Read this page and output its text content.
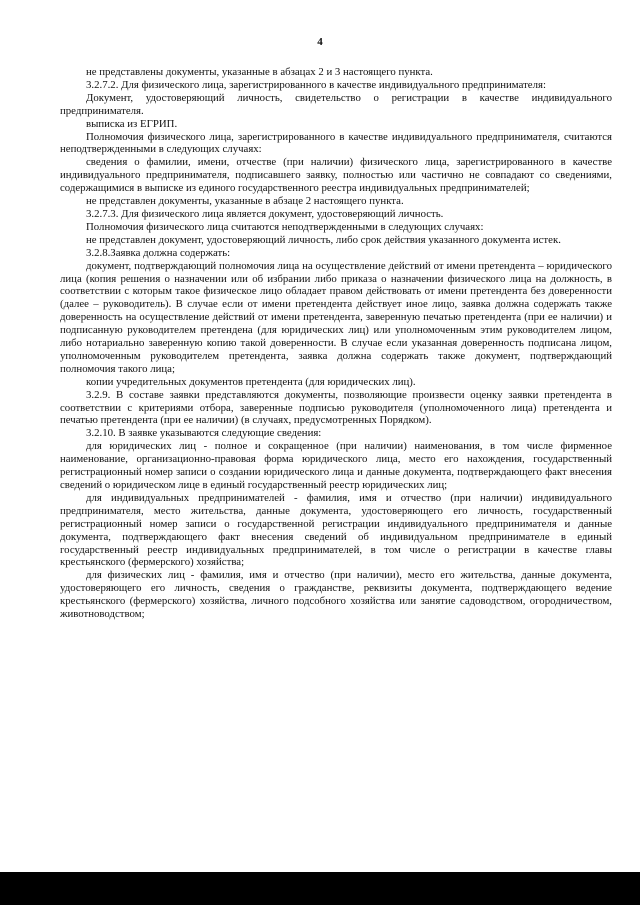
4

не представлены документы, указанные в абзацах 2 и 3 настоящего пункта.

3.2.7.2. Для физического лица, зарегистрированного в качестве индивидуального предпринимателя:

Документ, удостоверяющий личность, свидетельство о регистрации в качестве индивидуального предпринимателя.

выписка из ЕГРИП.

Полномочия физического лица, зарегистрированного в качестве индивидуального предпринимателя, считаются неподтвержденными в следующих случаях:

сведения о фамилии, имени, отчестве (при наличии) физического лица, зарегистрированного в качестве индивидуального предпринимателя, подписавшего заявку, полностью или частично не совпадают со сведениями, содержащимися в выписке из единого государственного реестра индивидуальных предпринимателей;

не представлен документы, указанные в абзаце 2 настоящего пункта.

3.2.7.3. Для физического лица является документ, удостоверяющий личность.

Полномочия физического лица считаются неподтвержденными в следующих случаях:

не представлен документ, удостоверяющий личность, либо срок действия указанного документа истек.

3.2.8.Заявка должна содержать:

документ, подтверждающий полномочия лица на осуществление действий от имени претендента – юридического лица (копия решения о назначении или об избрании либо приказа о назначении физического лица на должность, в соответствии с которым такое физическое лицо обладает правом действовать от имени претендента без доверенности (далее – руководитель). В случае если от имени претендента действует иное лицо, заявка должна содержать также доверенность на осуществление действий от имени претендента, заверенную печатью претендента (при ее наличии) и подписанную руководителем претенденa (для юридических лиц) или уполномоченным этим руководителем лицом, либо нотариально заверенную копию такой доверенности. В случае если указанная доверенность подписана лицом, уполномоченным руководителем претендента, заявка должна содержать также документ, подтверждающий полномочия такого лица;

копии учредительных документов претендента (для юридических лиц).

3.2.9. В составе заявки представляются документы, позволяющие произвести оценку заявки претендента в соответствии с критериями отбора, заверенные подписью руководителя (уполномоченного лица) претендента и печатью претендента (при ее наличии) (в случаях, предусмотренных Порядком).

3.2.10. В заявке указываются следующие сведения:

для юридических лиц - полное и сокращенное (при наличии) наименования, в том числе фирменное наименование, организационно-правовая форма юридического лица, место его нахождения, государственный регистрационный номер записи о создании юридического лица и данные документа, подтверждающего факт внесения сведений о юридическом лице в единый государственный реестр юридических лиц;

для индивидуальных предпринимателей - фамилия, имя и отчество (при наличии) индивидуального предпринимателя, место жительства, данные документа, удостоверяющего его личность, государственный регистрационный номер записи о государственной регистрации индивидуального предпринимателя и данные документа, подтверждающего факт внесения сведений об индивидуальном предпринимателе в единый государственный реестр индивидуальных предпринимателей, в том числе о регистрации в качестве главы крестьянского (фермерского) хозяйства;

для физических лиц - фамилия, имя и отчество (при наличии), место его жительства, данные документа, удостоверяющего его личность, сведения о гражданстве, реквизиты документа, подтверждающего ведение крестьянского (фермерского) хозяйства, личного подсобного хозяйства или занятие садоводством, огородничеством, животноводством;
